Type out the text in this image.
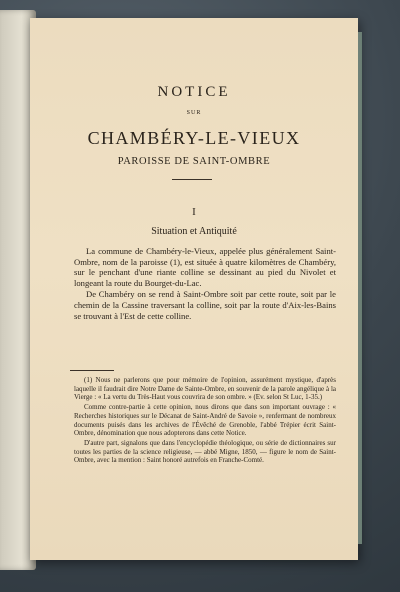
NOTICE
SUR
CHAMBÉRY-LE-VIEUX
PAROISSE DE SAINT-OMBRE
I
Situation et Antiquité

La commune de Chambéry-le-Vieux, appelée plus généralement Saint-Ombre, nom de la paroisse (1), est située à quatre kilomètres de Chambéry, sur le penchant d'une riante colline se dessinant au pied du Nivolet et longeant la route du Bourget-du-Lac.

De Chambéry on se rend à Saint-Ombre soit par cette route, soit par le chemin de la Cassine traversant la colline, soit par la route d'Aix-les-Bains se trouvant à l'Est de cette colline.

(1) Nous ne parlerons que pour mémoire de l'opinion, assurément mystique, d'après laquelle il faudrait dire Notre Dame de Sainte-Ombre, en souvenir de la parole angélique à la Vierge : « La vertu du Très-Haut vous couvrira de son ombre. » (Ev. selon St Luc, 1-35.)

Comme contre-partie à cette opinion, nous dirons que dans son important ouvrage : « Recherches historiques sur le Décanat de Saint-André de Savoie », renfermant de nombreux documents puisés dans les archives de l'Évêché de Grenoble, l'abbé Trépier écrit Saint-Ombre, dénomination que nous adopterons dans cette Notice.

D'autre part, signalons que dans l'encyclopédie théologique, ou série de dictionnaires sur toutes les parties de la science religieuse, — abbé Migne, 1850, — figure le nom de Saint-Ombre, avec la mention : Saint honoré autrefois en Franche-Comté.
